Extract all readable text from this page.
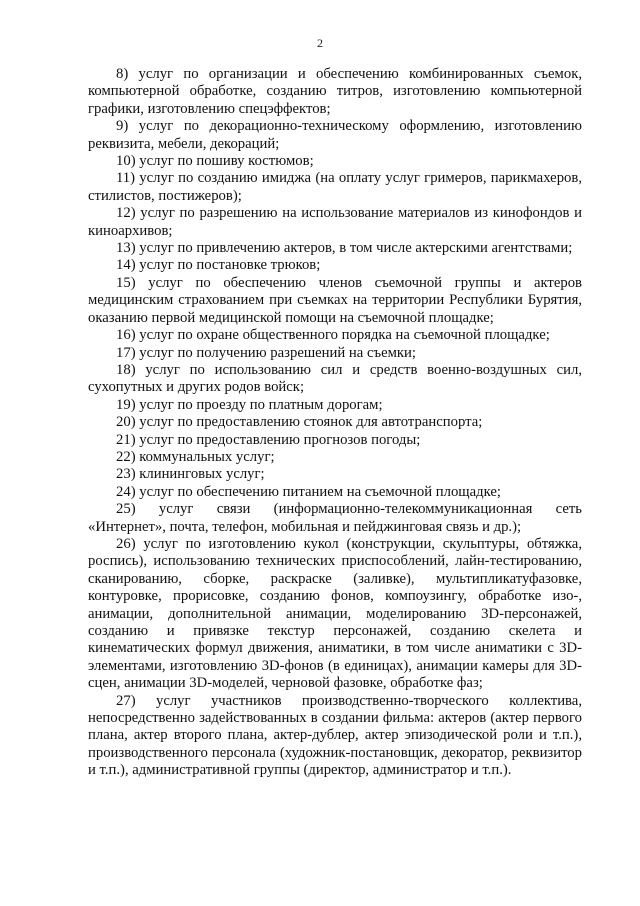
2

8) услуг по организации и обеспечению комбинированных съемок, компьютерной обработке, созданию титров, изготовлению компьютерной графики, изготовлению спецэффектов;

9) услуг по декорационно-техническому оформлению, изготовлению реквизита, мебели, декораций;

10) услуг по пошиву костюмов;

11) услуг по созданию имиджа (на оплату услуг гримеров, парикмахеров, стилистов, постижеров);

12) услуг по разрешению на использование материалов из кинофондов и киноархивов;

13) услуг по привлечению актеров, в том числе актерскими агентствами;

14) услуг по постановке трюков;

15) услуг по обеспечению членов съемочной группы и актеров медицинским страхованием при съемках на территории Республики Бурятия, оказанию первой медицинской помощи на съемочной площадке;

16) услуг по охране общественного порядка на съемочной площадке;

17) услуг по получению разрешений на съемки;

18) услуг по использованию сил и средств военно-воздушных сил, сухопутных и других родов войск;

19) услуг по проезду по платным дорогам;

20) услуг по предоставлению стоянок для автотранспорта;

21) услуг по предоставлению прогнозов погоды;

22) коммунальных услуг;

23) клининговых услуг;

24) услуг по обеспечению питанием на съемочной площадке;

25) услуг связи (информационно-телекоммуникационная сеть «Интернет», почта, телефон, мобильная и пейджинговая связь и др.);

26) услуг по изготовлению кукол (конструкции, скульптуры, обтяжка, роспись), использованию технических приспособлений, лайн-тестированию, сканированию, сборке, раскраске (заливке), мультипликатуфазовке, контуровке, прорисовке, созданию фонов, компоузингу, обработке изо-, анимации, дополнительной анимации, моделированию 3D-персонажей, созданию и привязке текстур персонажей, созданию скелета и кинематических формул движения, аниматики, в том числе аниматики с 3D-элементами, изготовлению 3D-фонов (в единицах), анимации камеры для 3D-сцен, анимации 3D-моделей, черновой фазовке, обработке фаз;

27) услуг участников производственно-творческого коллектива, непосредственно задействованных в создании фильма: актеров (актер первого плана, актер второго плана, актер-дублер, актер эпизодической роли и т.п.), производственного персонала (художник-постановщик, декоратор, реквизитор и т.п.), административной группы (директор, администратор и т.п.).
